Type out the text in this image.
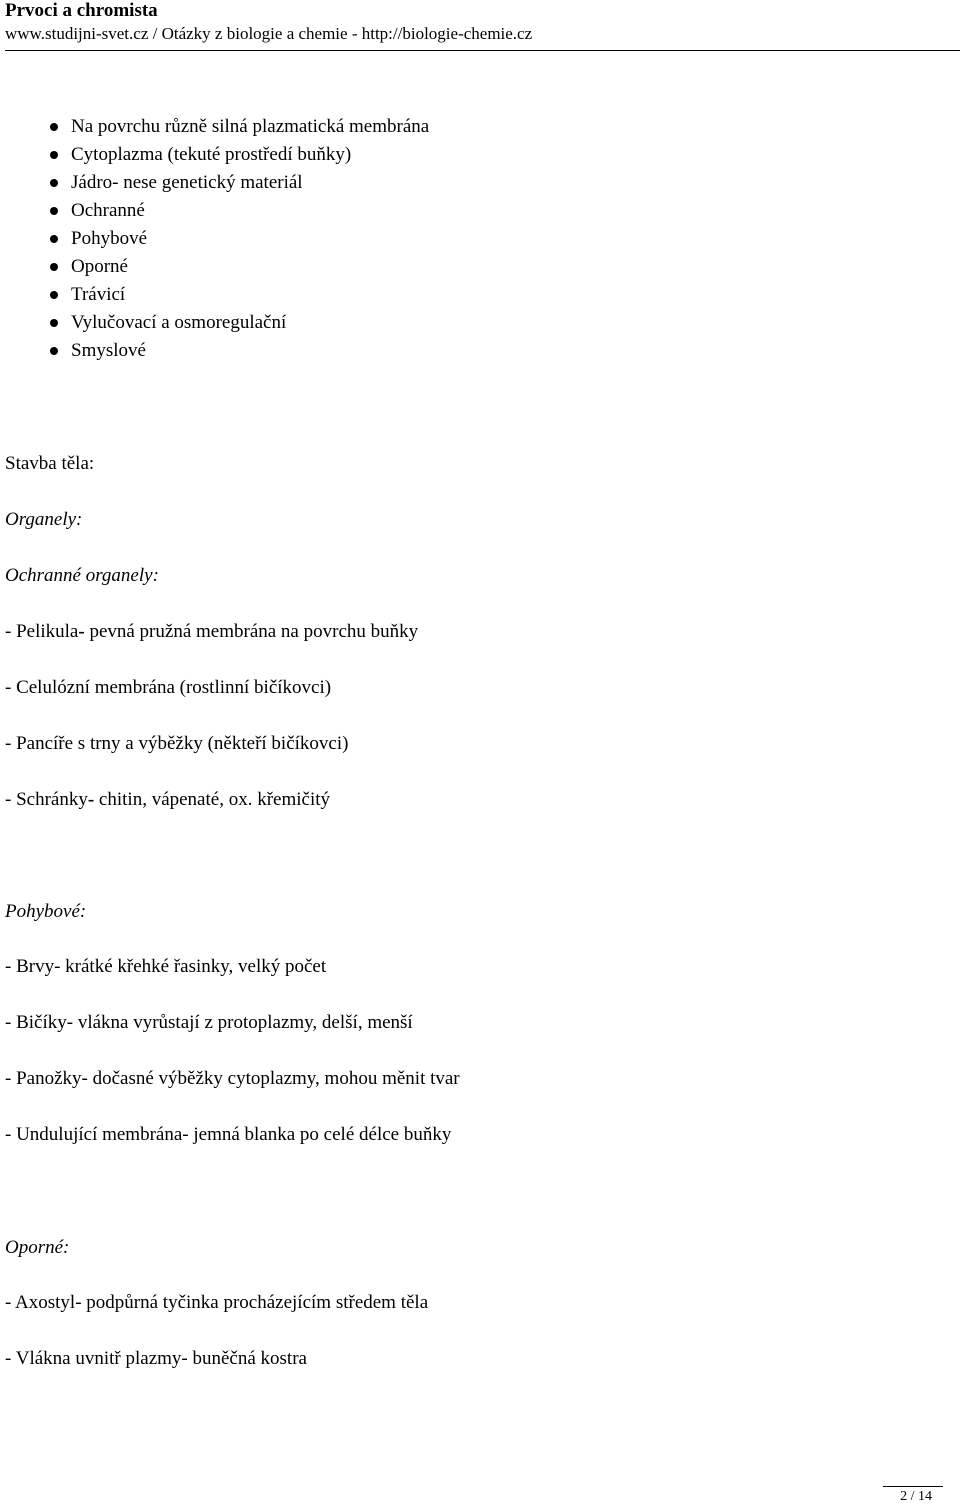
Prvoci a chromista
www.studijni-svet.cz / Otázky z biologie a chemie - http://biologie-chemie.cz
Na povrchu různě silná plazmatická membrána
Cytoplazma (tekuté prostředí buňky)
Jádro- nese genetický materiál
Ochranné
Pohybové
Oporné
Trávicí
Vylučovací a osmoregulační
Smyslové
Stavba těla:
Organely:
Ochranné organely:
- Pelikula- pevná pružná membrána na povrchu buňky
- Celulózní membrána (rostlinní bičíkovci)
- Pancíře s trny a výběžky (někteří bičíkovci)
- Schránky- chitin, vápenaté, ox. křemičitý
Pohybové:
- Brvy- krátké křehké řasinky, velký počet
- Bičíky- vlákna vyrůstají z protoplazmy, delší, menší
- Panožky- dočasné výběžky cytoplazmy, mohou měnit tvar
- Undulující membrána- jemná blanka po celé délce buňky
Oporné:
- Axostyl- podpůrná tyčinka procházejícím středem těla
- Vlákna uvnitř plazmy- buněčná kostra
2 / 14
